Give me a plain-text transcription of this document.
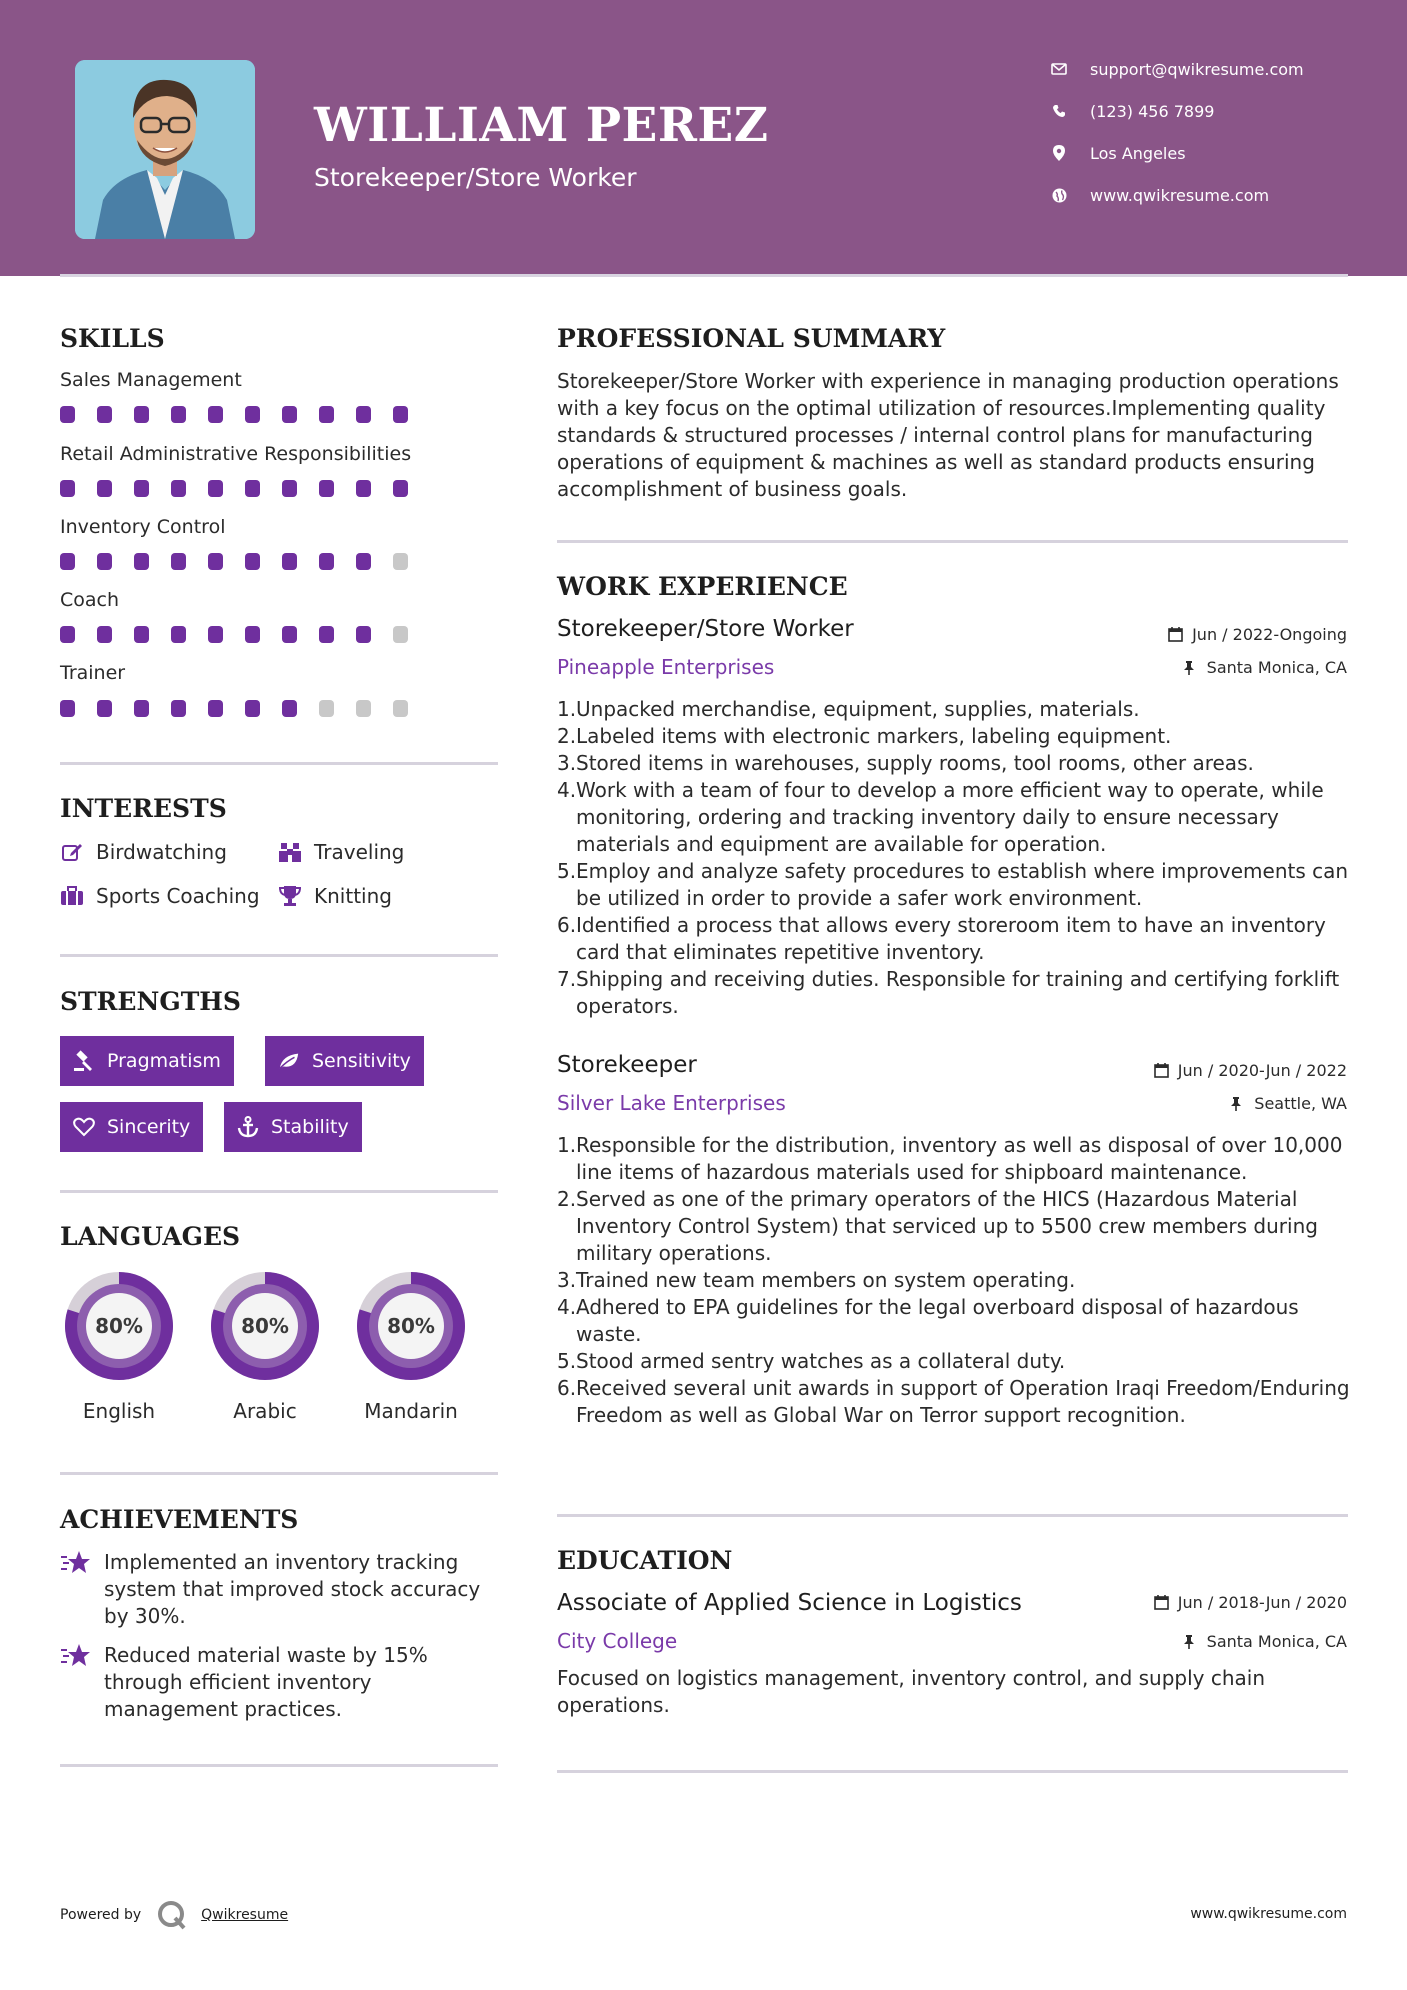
WILLIAM PEREZ
Storekeeper/Store Worker
support@qwikresume.com
(123) 456 7899
Los Angeles
www.qwikresume.com
SKILLS
Sales Management
Retail Administrative Responsibilities
Inventory Control
Coach
Trainer
INTERESTS
Birdwatching	Traveling
Sports Coaching	Knitting
STRENGTHS
Pragmatism	Sensitivity
Sincerity	Stability
LANGUAGES
80%
English
80%
Arabic
80%
Mandarin
ACHIEVEMENTS
Implemented an inventory tracking system that improved stock accuracy by 30%.
Reduced material waste by 15% through efficient inventory management practices.
PROFESSIONAL SUMMARY
Storekeeper/Store Worker with experience in managing production operations with a key focus on the optimal utilization of resources.Implementing quality standards & structured processes / internal control plans for manufacturing operations of equipment & machines as well as standard products ensuring accomplishment of business goals.
WORK EXPERIENCE
Storekeeper/Store Worker	Jun / 2022-Ongoing
Pineapple Enterprises	Santa Monica, CA
1. Unpacked merchandise, equipment, supplies, materials.
2. Labeled items with electronic markers, labeling equipment.
3. Stored items in warehouses, supply rooms, tool rooms, other areas.
4. Work with a team of four to develop a more efficient way to operate, while monitoring, ordering and tracking inventory daily to ensure necessary materials and equipment are available for operation.
5. Employ and analyze safety procedures to establish where improvements can be utilized in order to provide a safer work environment.
6. Identified a process that allows every storeroom item to have an inventory card that eliminates repetitive inventory.
7. Shipping and receiving duties. Responsible for training and certifying forklift operators.
Storekeeper	Jun / 2020-Jun / 2022
Silver Lake Enterprises	Seattle, WA
1. Responsible for the distribution, inventory as well as disposal of over 10,000 line items of hazardous materials used for shipboard maintenance.
2. Served as one of the primary operators of the HICS (Hazardous Material Inventory Control System) that serviced up to 5500 crew members during military operations.
3. Trained new team members on system operating.
4. Adhered to EPA guidelines for the legal overboard disposal of hazardous waste.
5. Stood armed sentry watches as a collateral duty.
6. Received several unit awards in support of Operation Iraqi Freedom/Enduring Freedom as well as Global War on Terror support recognition.
EDUCATION
Associate of Applied Science in Logistics	Jun / 2018-Jun / 2020
City College	Santa Monica, CA
Focused on logistics management, inventory control, and supply chain operations.
Powered by	Qwikresume	www.qwikresume.com
